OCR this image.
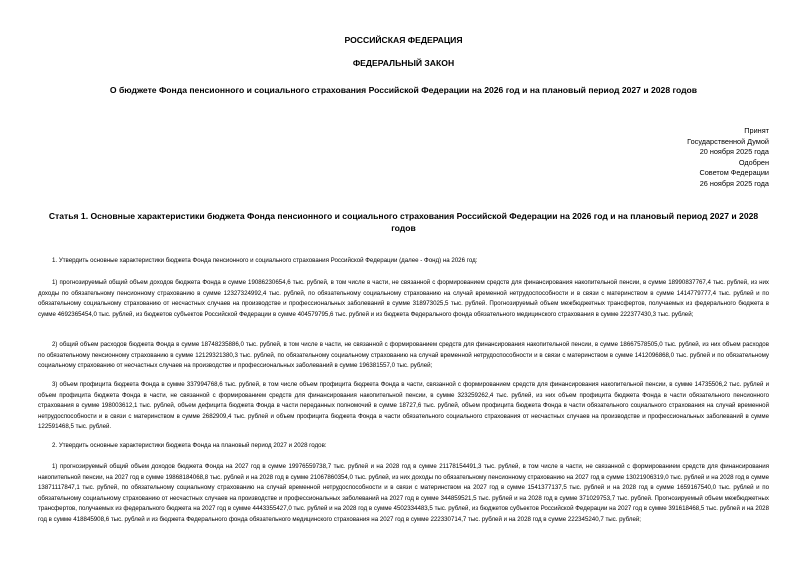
РОССИЙСКАЯ ФЕДЕРАЦИЯ

ФЕДЕРАЛЬНЫЙ ЗАКОН

О бюджете Фонда пенсионного и социального страхования Российской Федерации на 2026 год и на плановый период 2027 и 2028 годов

Принят

Государственной Думой

20 ноября 2025 года

Одобрен

Советом Федерации

26 ноября 2025 года

Статья 1. Основные характеристики бюджета Фонда пенсионного и социального страхования Российской Федерации на 2026 год и на плановый период 2027 и 2028 годов

1. Утвердить основные характеристики бюджета Фонда пенсионного и социального страхования Российской Федерации (далее - Фонд) на 2026 год:

1) прогнозируемый общий объем доходов бюджета Фонда в сумме 19086230654,6 тыс. рублей, в том числе в части, не связанной с формированием средств для финансирования накопительной пенсии, в сумме 18990837767,4 тыс. рублей, из них доходы по обязательному пенсионному страхованию в сумме 12327324992,4 тыс. рублей, по обязательному социальному страхованию на случай временной нетрудоспособности и в связи с материнством в сумме 1414779777,4 тыс. рублей и по обязательному социальному страхованию от несчастных случаев на производстве и профессиональных заболеваний в сумме 318973025,5 тыс. рублей. Прогнозируемый объем межбюджетных трансфертов, получаемых из федерального бюджета в сумме 4692365454,0 тыс. рублей, из бюджетов субъектов Российской Федерации в сумме 404579795,6 тыс. рублей и из бюджета Федерального фонда обязательного медицинского страхования в сумме 222377430,3 тыс. рублей;

2) общий объем расходов бюджета Фонда в сумме 18748235886,0 тыс. рублей, в том числе в части, не связанной с формированием средств для финансирования накопительной пенсии, в сумме 18667578505,0 тыс. рублей, из них объем расходов по обязательному пенсионному страхованию в сумме 12129321380,3 тыс. рублей, по обязательному социальному страхованию на случай временной нетрудоспособности и в связи с материнством в сумме 1412096868,0 тыс. рублей и по обязательному социальному страхованию от несчастных случаев на производстве и профессиональных заболеваний в сумме 196381557,0 тыс. рублей;

3) объем профицита бюджета Фонда в сумме 337994768,6 тыс. рублей, в том числе объем профицита бюджета Фонда в части, связанной с формированием средств для финансирования накопительной пенсии, в сумме 14735506,2 тыс. рублей и объем профицита бюджета Фонда в части, не связанной с формированием средств для финансирования накопительной пенсии, в сумме 323259262,4 тыс. рублей, из них объем профицита бюджета Фонда в части обязательного пенсионного страхования в сумме 198003612,1 тыс. рублей, объем дефицита бюджета Фонда в части переданных полномочий в сумме 18727,6 тыс. рублей, объем профицита бюджета Фонда в части обязательного социального страхования на случай временной нетрудоспособности и в связи с материнством в сумме 2682909,4 тыс. рублей и объем профицита бюджета Фонда в части обязательного социального страхования от несчастных случаев на производстве и профессиональных заболеваний в сумме 122591468,5 тыс. рублей.

2. Утвердить основные характеристики бюджета Фонда на плановый период 2027 и 2028 годов:

1) прогнозируемый общий объем доходов бюджета Фонда на 2027 год в сумме 19976559738,7 тыс. рублей и на 2028 год в сумме 21178154491,3 тыс. рублей, в том числе в части, не связанной с формированием средств для финансирования накопительной пенсии, на 2027 год в сумме 19868184068,8 тыс. рублей и на 2028 год в сумме 21067860354,0 тыс. рублей, из них доходы по обязательному пенсионному страхованию на 2027 год в сумме 13021906319,0 тыс. рублей и на 2028 год в сумме 13871117847,1 тыс. рублей, по обязательному социальному страхованию на случай временной нетрудоспособности и в связи с материнством на 2027 год в сумме 1541377137,5 тыс. рублей и на 2028 год в сумме 1659167540,0 тыс. рублей и по обязательному социальному страхованию от несчастных случаев на производстве и профессиональных заболеваний на 2027 год в сумме 344859521,5 тыс. рублей и на 2028 год в сумме 371029753,7 тыс. рублей. Прогнозируемый объем межбюджетных трансфертов, получаемых из федерального бюджета на 2027 год в сумме 4443355427,0 тыс. рублей и на 2028 год в сумме 4502334483,5 тыс. рублей, из бюджетов субъектов Российской Федерации на 2027 год в сумме 391618468,5 тыс. рублей и на 2028 год в сумме 418845908,6 тыс. рублей и из бюджета Федерального фонда обязательного медицинского страхования на 2027 год в сумме 222330714,7 тыс. рублей и на 2028 год в сумме 222345240,7 тыс. рублей;
